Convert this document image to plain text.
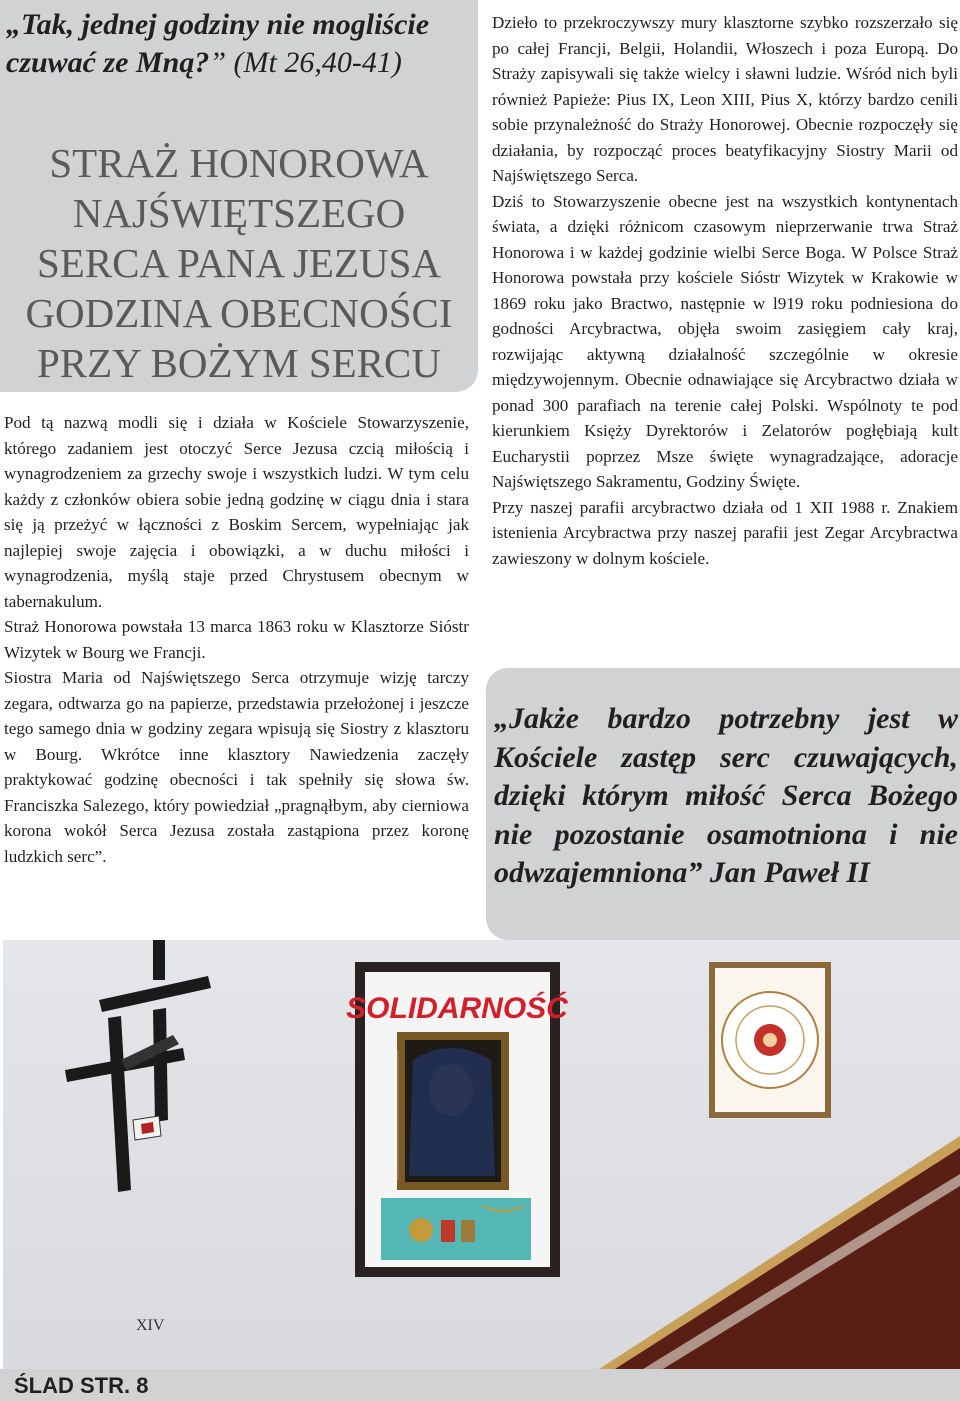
„Tak, jednej godziny nie mogliście czuwać ze Mną?” (Mt 26,40-41)
STRAŻ HONOROWA
NAJŚWIĘTSZEGO
SERCA PANA JEZUSA
GODZINA OBECNOŚCI
PRZY BOŻYM SERCU

Pod tą nazwą modli się i działa w Kościele Stowarzyszenie, którego zadaniem jest otoczyć Serce Jezusa czcią miłością i wynagrodzeniem za grzechy swoje i wszystkich ludzi. W tym celu każdy z członków obiera sobie jedną godzinę w ciągu dnia i stara się ją przeżyć w łączności z Boskim Sercem, wypełniając jak najlepiej swoje zajęcia i obowiązki, a w duchu miłości i wynagrodzenia, myślą staje przed Chrystusem obecnym w tabernakulum.

Straż Honorowa powstała 13 marca 1863 roku w Klasztorze Sióstr Wizytek w Bourg we Francji.

Siostra Maria od Najświętszego Serca otrzymuje wizję tarczy zegara, odtwarza go na papierze, przedstawia przełożonej i jeszcze tego samego dnia w godziny zegara wpisują się Siostry z klasztoru w Bourg. Wkrótce inne klasztory Nawiedzenia zaczęły praktykować godzinę obecności i tak spełniły się słowa św. Franciszka Salezego, który powiedział „pragnąłbym, aby cierniowa korona wokół Serca Jezusa została zastąpiona przez koronę ludzkich serc”.

Dzieło to przekroczywszy mury klasztorne szybko rozszerzało się po całej Francji, Belgii, Holandii, Włoszech i poza Europą. Do Straży zapisywali się także wielcy i sławni ludzie. Wśród nich byli również Papieże: Pius IX, Leon XIII, Pius X, którzy bardzo cenili sobie przynależność do Straży Honorowej. Obecnie rozpoczęły się działania, by rozpocząć proces beatyfikacyjny Siostry Marii od Najświętszego Serca.

Dziś to Stowarzyszenie obecne jest na wszystkich kontynentach świata, a dzięki różnicom czasowym nieprzerwanie trwa Straż Honorowa i w każdej godzinie wielbi Serce Boga. W Polsce Straż Honorowa powstała przy kościele Sióstr Wizytek w Krakowie w 1869 roku jako Bractwo, następnie w l919 roku podniesiona do godności Arcybractwa, objęła swoim zasięgiem cały kraj, rozwijając aktywną działalność szczególnie w okresie międzywojennym. Obecnie odnawiające się Arcybractwo działa w ponad 300 parafiach na terenie całej Polski. Wspólnoty te pod kierunkiem Księży Dyrektorów i Zelatorów pogłębiają kult Eucharystii poprzez Msze święte wynagradzające, adoracje Najświętszego Sakramentu, Godziny Święte.

Przy naszej parafii arcybractwo działa od 1 XII 1988 r. Znakiem istenienia Arcybractwa przy naszej parafii jest Zegar Arcybractwa zawieszony w dolnym kościele.

„Jakże bardzo potrzebny jest w Kościele zastęp serc czuwających, dzięki którym miłość Serca Bożego nie pozostanie osamotniona i nie odwzajemniona” Jan Paweł II
XIV
SOLIDARNOŚĆ
ŚLAD STR. 8
